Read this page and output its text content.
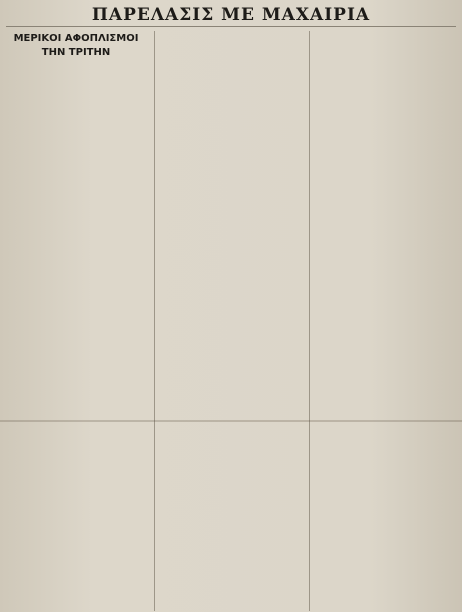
ΠΑΡΕΛΑΣΙΣ ΜΕ ΜΑΧΑΙΡΙΑ
ΜΕΡΙΚΟΙ ΑΦΟΠΛΙΣΜΟΙ
ΤΗΝ ΤΡΙΤΗΝ
